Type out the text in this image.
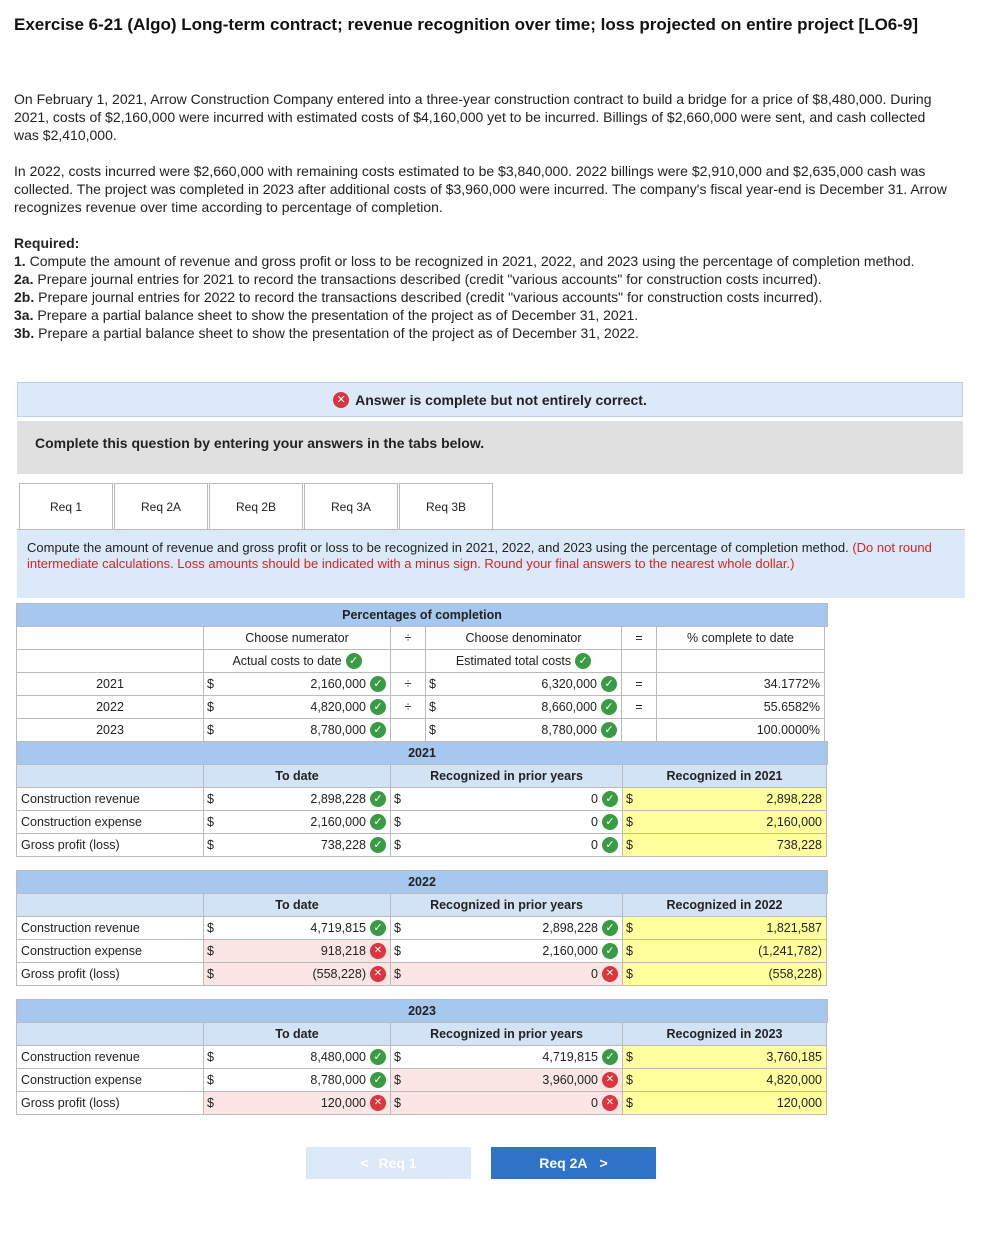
Exercise 6-21 (Algo) Long-term contract; revenue recognition over time; loss projected on entire project [LO6-9]
On February 1, 2021, Arrow Construction Company entered into a three-year construction contract to build a bridge for a price of $8,480,000. During 2021, costs of $2,160,000 were incurred with estimated costs of $4,160,000 yet to be incurred. Billings of $2,660,000 were sent, and cash collected was $2,410,000.
In 2022, costs incurred were $2,660,000 with remaining costs estimated to be $3,840,000. 2022 billings were $2,910,000 and $2,635,000 cash was collected. The project was completed in 2023 after additional costs of $3,960,000 were incurred. The company's fiscal year-end is December 31. Arrow recognizes revenue over time according to percentage of completion.
Required:
1. Compute the amount of revenue and gross profit or loss to be recognized in 2021, 2022, and 2023 using the percentage of completion method.
2a. Prepare journal entries for 2021 to record the transactions described (credit "various accounts" for construction costs incurred).
2b. Prepare journal entries for 2022 to record the transactions described (credit "various accounts" for construction costs incurred).
3a. Prepare a partial balance sheet to show the presentation of the project as of December 31, 2021.
3b. Prepare a partial balance sheet to show the presentation of the project as of December 31, 2022.
✕ Answer is complete but not entirely correct.
Complete this question by entering your answers in the tabs below.
Req 1	Req 2A	Req 2B	Req 3A	Req 3B
Compute the amount of revenue and gross profit or loss to be recognized in 2021, 2022, and 2023 using the percentage of completion method. (Do not round intermediate calculations. Loss amounts should be indicated with a minus sign. Round your final answers to the nearest whole dollar.)
Percentages of completion
Choose numerator	÷	Choose denominator	=	% complete to date
Actual costs to date ✓	Estimated total costs ✓
2021	$	2,160,000 ✓	÷	$	6,320,000 ✓	=	34.1772%
2022	$	4,820,000 ✓	÷	$	8,660,000 ✓	=	55.6582%
2023	$	8,780,000 ✓	$	8,780,000 ✓	100.0000%
2021
To date	Recognized in prior years	Recognized in 2021
Construction revenue	$	2,898,228 ✓ $	0 ✓ $	2,898,228
Construction expense	$	2,160,000 ✓ $	0 ✓ $	2,160,000
Gross profit (loss)	$	738,228 ✓ $	0 ✓ $	738,228
2022
To date	Recognized in prior years	Recognized in 2022
Construction revenue	$	4,719,815 ✓ $	2,898,228 ✓ $	1,821,587
Construction expense	$	918,218 ✕ $	2,160,000 ✓ $	(1,241,782)
Gross profit (loss)	$	(558,228) ✕ $	0 ✕ $	(558,228)
2023
To date	Recognized in prior years	Recognized in 2023
Construction revenue	$	8,480,000 ✓ $	4,719,815 ✓ $	3,760,185
Construction expense	$	8,780,000 ✓ $	3,960,000 ✕ $	4,820,000
Gross profit (loss)	$	120,000 ✕ $	0 ✕ $	120,000
< Req 1	Req 2A >
